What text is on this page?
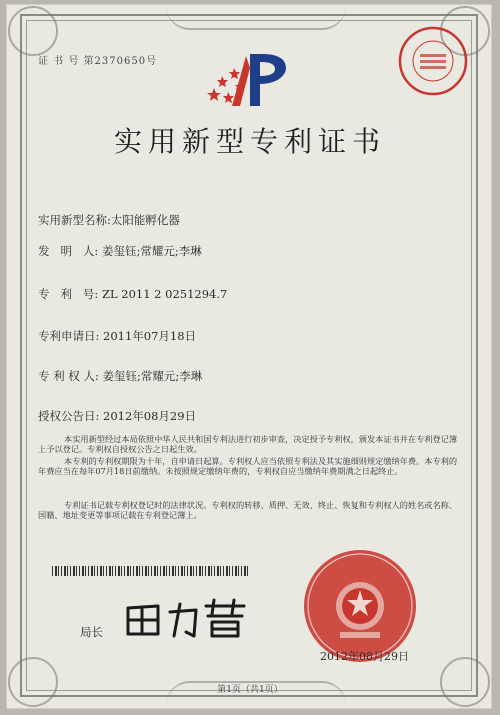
证 书 号 第2370650号
实用新型专利证书
实用新型名称:太阳能孵化器
发   明   人: 姜玺钰;常耀元;李琳
专   利   号: ZL 2011 2 0251294.7
专利申请日: 2011年07月18日
专 利 权 人: 姜玺钰;常耀元;李琳
授权公告日: 2012年08月29日

本实用新型经过本局依照中华人民共和国专利法进行初步审查，决定授予专利权，颁发本证书并在专利登记簿上予以登记。专利权自授权公告之日起生效。

本专利的专利权期限为十年，自申请日起算。专利权人应当依照专利法及其实施细则规定缴纳年费。本专利的年费应当在每年07月18日前缴纳。未按照规定缴纳年费的，专利权自应当缴纳年费期满之日起终止。

专利证书记载专利权登记时的法律状况。专利权的转移、质押、无效、终止、恢复和专利权人的姓名或名称、国籍、地址变更等事项记载在专利登记簿上。

局长
2012年08月29日
第1页（共1页）
